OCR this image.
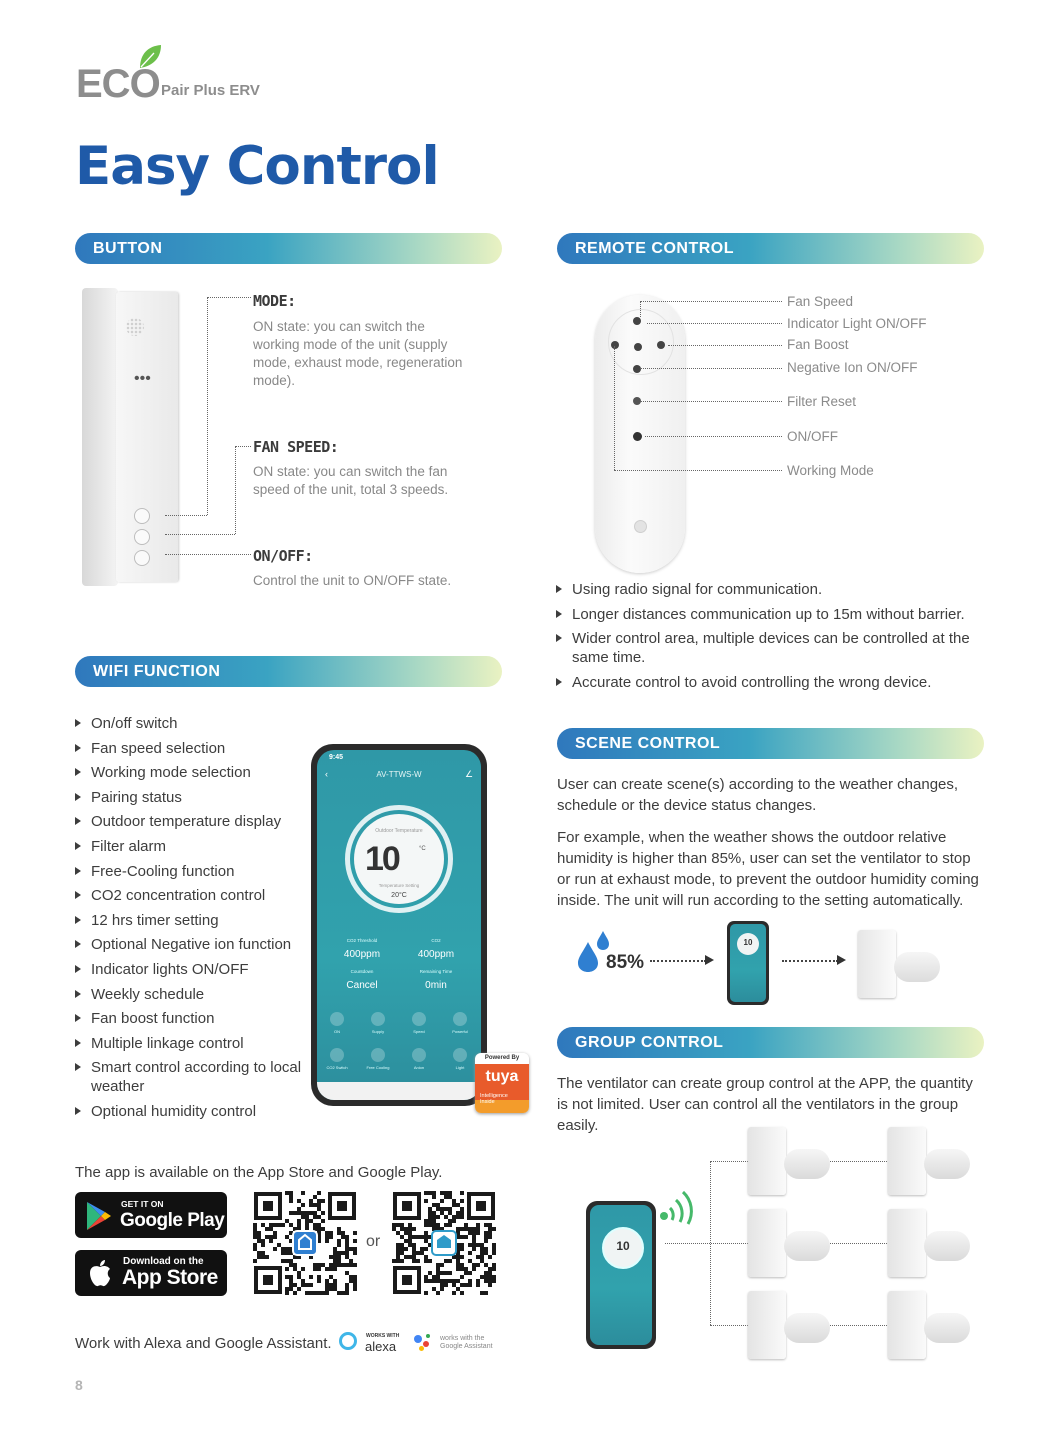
ECO Pair Plus ERV
Easy Control
BUTTON
•••
MODE:
ON state: you can switch the working mode of the unit (supply mode, exhaust mode, regeneration mode).
FAN SPEED:
ON state: you can switch the fan speed of the unit, total 3 speeds.
ON/OFF:
Control the unit to ON/OFF state.
REMOTE CONTROL
Fan Speed
Indicator Light ON/OFF
Fan Boost
Negative Ion ON/OFF
Filter Reset
ON/OFF
Working Mode
Using radio signal for communication.
Longer distances communication up to 15m without barrier.
Wider control area, multiple devices can be controlled at the same time.
Accurate control to avoid controlling the wrong device.
WIFI FUNCTION
On/off switch
Fan speed selection
Working mode selection
Pairing status
Outdoor temperature display
Filter alarm
Free-Cooling function
CO2 concentration control
12 hrs timer setting
Optional Negative ion function
Indicator lights ON/OFF
Weekly schedule
Fan boost function
Multiple linkage control
Smart control according to local weather
Optional humidity control
9:45
AV-TTWS-W
‹	∠
Outdoor Temperature
10	°C
Temperature Setting
20°C
CO2 Threshold
400ppm
CO2
400ppm
Countdown
Cancel
Remaining Time
0min
ON	Supply	Speed	Powerful
CO2 Switch	Free Cooling	Anion	Light
Powered By
tuya
Intelligence Inside
The app is available on the App Store and Google Play.
GET IT ON
Google Play
Download on the
App Store
or
Work with Alexa and Google Assistant.	WORKS WITH
alexa
works with the
Google Assistant
8
SCENE CONTROL
User can create scene(s) according to the weather changes, schedule or the device status changes.
For example, when the weather shows the outdoor relative humidity is higher than 85%, user can set the ventilator to stop or run at exhaust mode, to prevent the outdoor humidity coming inside. The unit will run according to the setting automatically.
85%
10
GROUP CONTROL
The ventilator can create group control at the APP, the quantity is not limited. User can control all the ventilators in the group easily.
10
